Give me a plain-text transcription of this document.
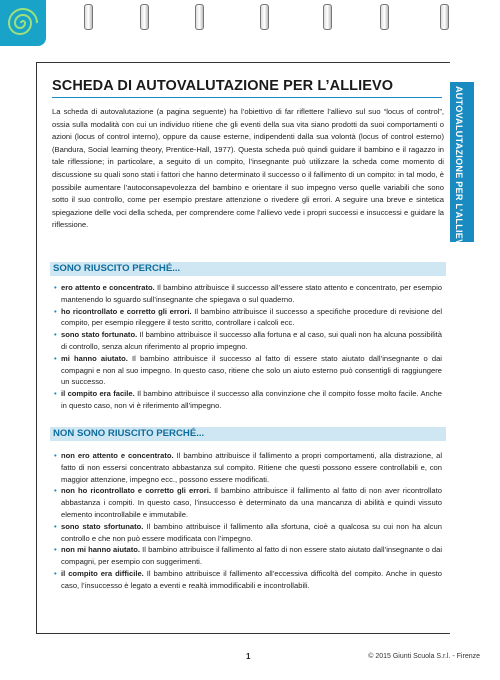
AUTOVALUTAZIONE PER L’ALLIEVO
SCHEDA DI AUTOVALUTAZIONE PER L’ALLIEVO

La scheda di autovalutazione (a pagina seguente) ha l’obiettivo di far riflettere l’allievo sul suo “locus of control”, ossia sulla modalità con cui un individuo ritiene che gli eventi della sua vita siano prodotti da suoi comportamenti o azioni (locus of control interno), oppure da cause esterne, indipendenti dalla sua volontà (locus of control esterno) (Bandura, Social learning theory, Prentice-Hall, 1977). Questa scheda può quindi guidare il bambino e il ragazzo in tale riflessione; in particolare, a seguito di un compito, l’insegnante può utilizzare la scheda come momento di discussione su quali sono stati i fattori che hanno determinato il successo o il fallimento di un compito: in tal modo, è possibile aumentare l’autoconsapevolezza del bambino e orientare il suo impegno verso quelle variabili che sono sotto il suo controllo, come per esempio prestare attenzione o rivedere gli errori. A seguire una breve e sintetica spiegazione delle voci della scheda, per comprendere come l’allievo vede i propri successi e insuccessi e guidare la riflessione.

SONO RIUSCITO PERCHÉ...
• ero attento e concentrato. Il bambino attribuisce il successo all’essere stato attento e concentrato, per esempio mantenendo lo sguardo sull’insegnante che spiegava o sul quaderno.
• ho ricontrollato e corretto gli errori. Il bambino attribuisce il successo a specifiche procedure di revisione del compito, per esempio rileggere il testo scritto, controllare i calcoli ecc.
• sono stato fortunato. Il bambino attribuisce il successo alla fortuna e al caso, sui quali non ha alcuna possibilità di controllo, senza alcun riferimento al proprio impegno.
• mi hanno aiutato. Il bambino attribuisce il successo al fatto di essere stato aiutato dall’insegnante o dai compagni e non al suo impegno. In questo caso, ritiene che solo un aiuto esterno può consentigli di raggiungere un successo.
• il compito era facile. Il bambino attribuisce il successo alla convinzione che il compito fosse molto facile. Anche in questo caso, non vi è riferimento all’impegno.
NON SONO RIUSCITO PERCHÉ...
• non ero attento e concentrato. Il bambino attribuisce il fallimento a propri comportamenti, alla distrazione, al fatto di non essersi concentrato abbastanza sul compito. Ritiene che questi possono essere controllabili e, con maggior attenzione, impegno ecc., possono essere modificati.
• non ho ricontrollato e corretto gli errori. Il bambino attribuisce il fallimento al fatto di non aver ricontrollato abbastanza i compiti. In questo caso, l’insuccesso è determinato da una mancanza di abilità e quindi vissuto elemento incontrollabile e immutabile.
• sono stato sfortunato. Il bambino attribuisce il fallimento alla sfortuna, cioè a qualcosa su cui non ha alcun controllo e che non può essere modificata con l’impegno.
• non mi hanno aiutato. Il bambino attribuisce il fallimento al fatto di non essere stato aiutato dall’insegnante o dai compagni, per esempio con suggerimenti.
• il compito era difficile. Il bambino attribuisce il fallimento all’eccessiva difficoltà del compito. Anche in questo caso, l’insuccesso è legato a eventi e realtà immodificabili e incontrollabili.
1	© 2015 Giunti Scuola S.r.l. - Firenze
